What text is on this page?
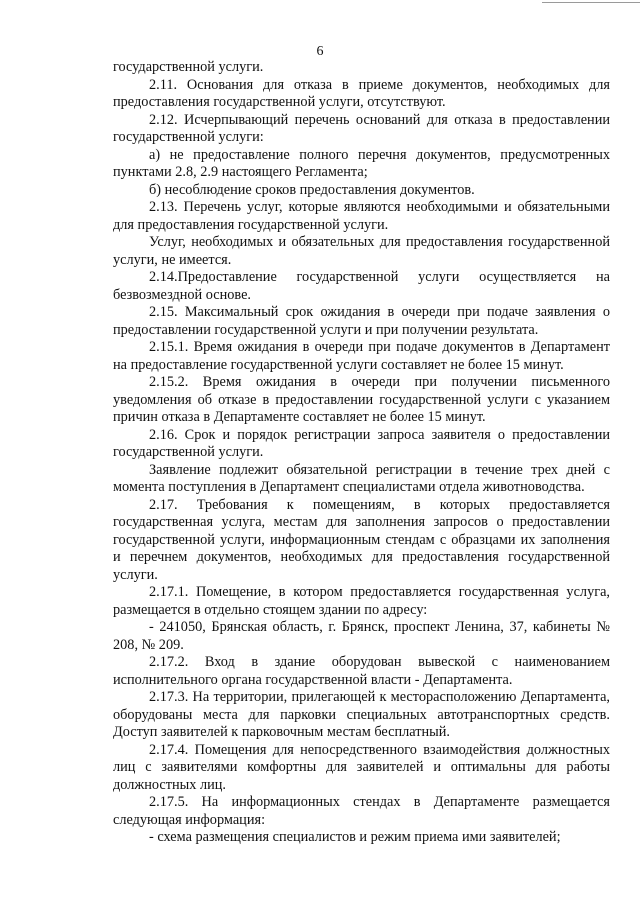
6

государственной услуги.

2.11. Основания для отказа в приеме документов, необходимых для предоставления государственной услуги, отсутствуют.

2.12. Исчерпывающий перечень оснований для отказа в предоставлении государственной услуги:

а) не предоставление полного перечня документов, предусмотренных пунктами 2.8, 2.9 настоящего Регламента;

б) несоблюдение сроков предоставления документов.

2.13. Перечень услуг, которые являются необходимыми и обязательными для предоставления государственной услуги.

Услуг, необходимых и обязательных для предоставления государственной услуги, не имеется.

2.14.Предоставление государственной услуги осуществляется на безвозмездной основе.

2.15. Максимальный срок ожидания в очереди при подаче заявления о предоставлении государственной услуги и при получении результата.

2.15.1. Время ожидания в очереди при подаче документов в Департамент на предоставление государственной услуги составляет не более 15 минут.

2.15.2. Время ожидания в очереди при получении письменного уведомления об отказе в предоставлении государственной услуги с указанием причин отказа в Департаменте составляет не более 15 минут.

2.16. Срок и порядок регистрации запроса заявителя о предоставлении государственной услуги.

Заявление подлежит обязательной регистрации в течение трех дней с момента поступления в Департамент специалистами отдела животноводства.

2.17. Требования к помещениям, в которых предоставляется государственная услуга, местам для заполнения запросов о предоставлении государственной услуги, информационным стендам с образцами их заполнения и перечнем документов, необходимых для предоставления государственной услуги.

2.17.1. Помещение, в котором предоставляется государственная услуга, размещается в отдельно стоящем здании по адресу:

- 241050, Брянская область, г. Брянск, проспект Ленина, 37, кабинеты № 208, № 209.

2.17.2. Вход в здание оборудован вывеской с наименованием исполнительного органа государственной власти - Департамента.

2.17.3. На территории, прилегающей к месторасположению Департамента, оборудованы места для парковки специальных автотранспортных средств. Доступ заявителей к парковочным местам бесплатный.

2.17.4. Помещения для непосредственного взаимодействия должностных лиц с заявителями комфортны для заявителей и оптимальны для работы должностных лиц.

2.17.5. На информационных стендах в Департаменте размещается следующая информация:

- схема размещения специалистов и режим приема ими заявителей;
